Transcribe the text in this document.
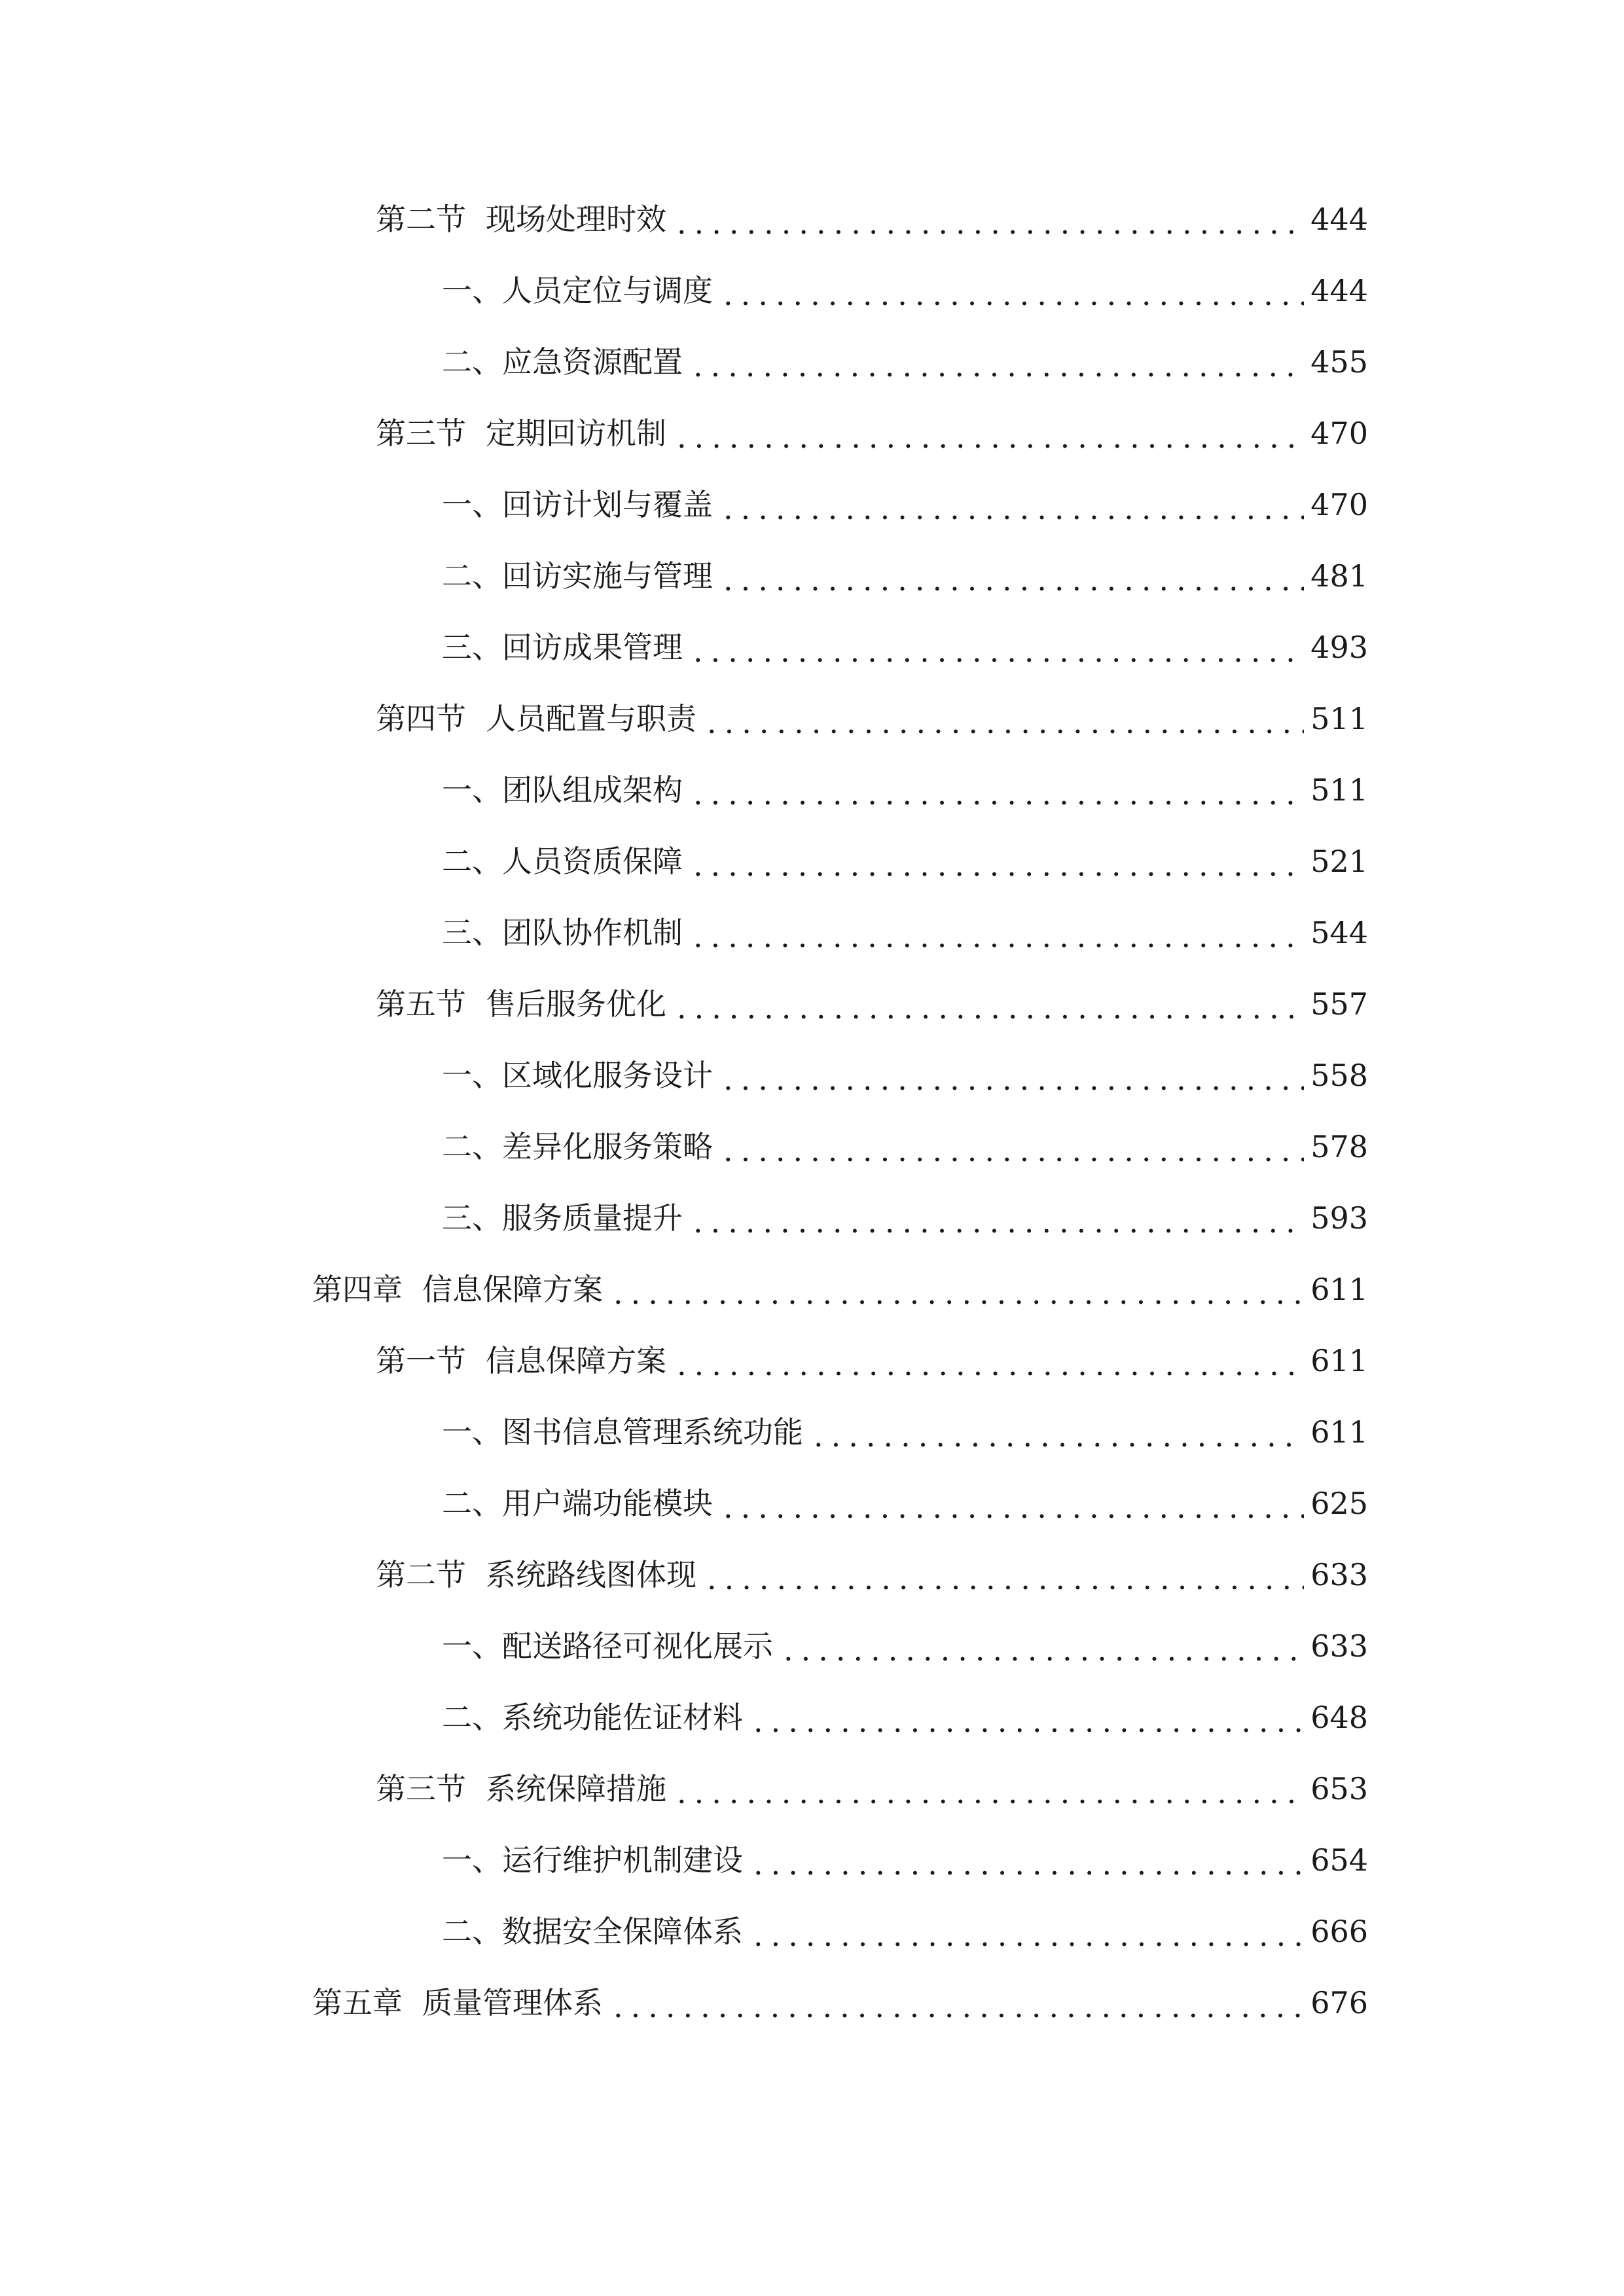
第二节 现场处理时效 .....	444
一、 人员定位与调度 .....	444
二、 应急资源配置 .....	455
第三节 定期回访机制 .....	470
一、 回访计划与覆盖 .....	470
二、 回访实施与管理 .....	481
三、 回访成果管理 .....	493
第四节 人员配置与职责 .....	511
一、 团队组成架构 .....	511
二、 人员资质保障 .....	521
三、 团队协作机制 .....	544
第五节 售后服务优化 .....	557
一、 区域化服务设计 .....	558
二、 差异化服务策略 .....	578
三、 服务质量提升 .....	593
第四章 信息保障方案 .....	611
第一节 信息保障方案 .....	611
一、 图书信息管理系统功能 .....	611
二、 用户端功能模块 .....	625
第二节 系统路线图体现 .....	633
一、 配送路径可视化展示 .....	633
二、 系统功能佐证材料 .....	648
第三节 系统保障措施 .....	653
一、 运行维护机制建设 .....	654
二、 数据安全保障体系 .....	666
第五章 质量管理体系 .....	676
